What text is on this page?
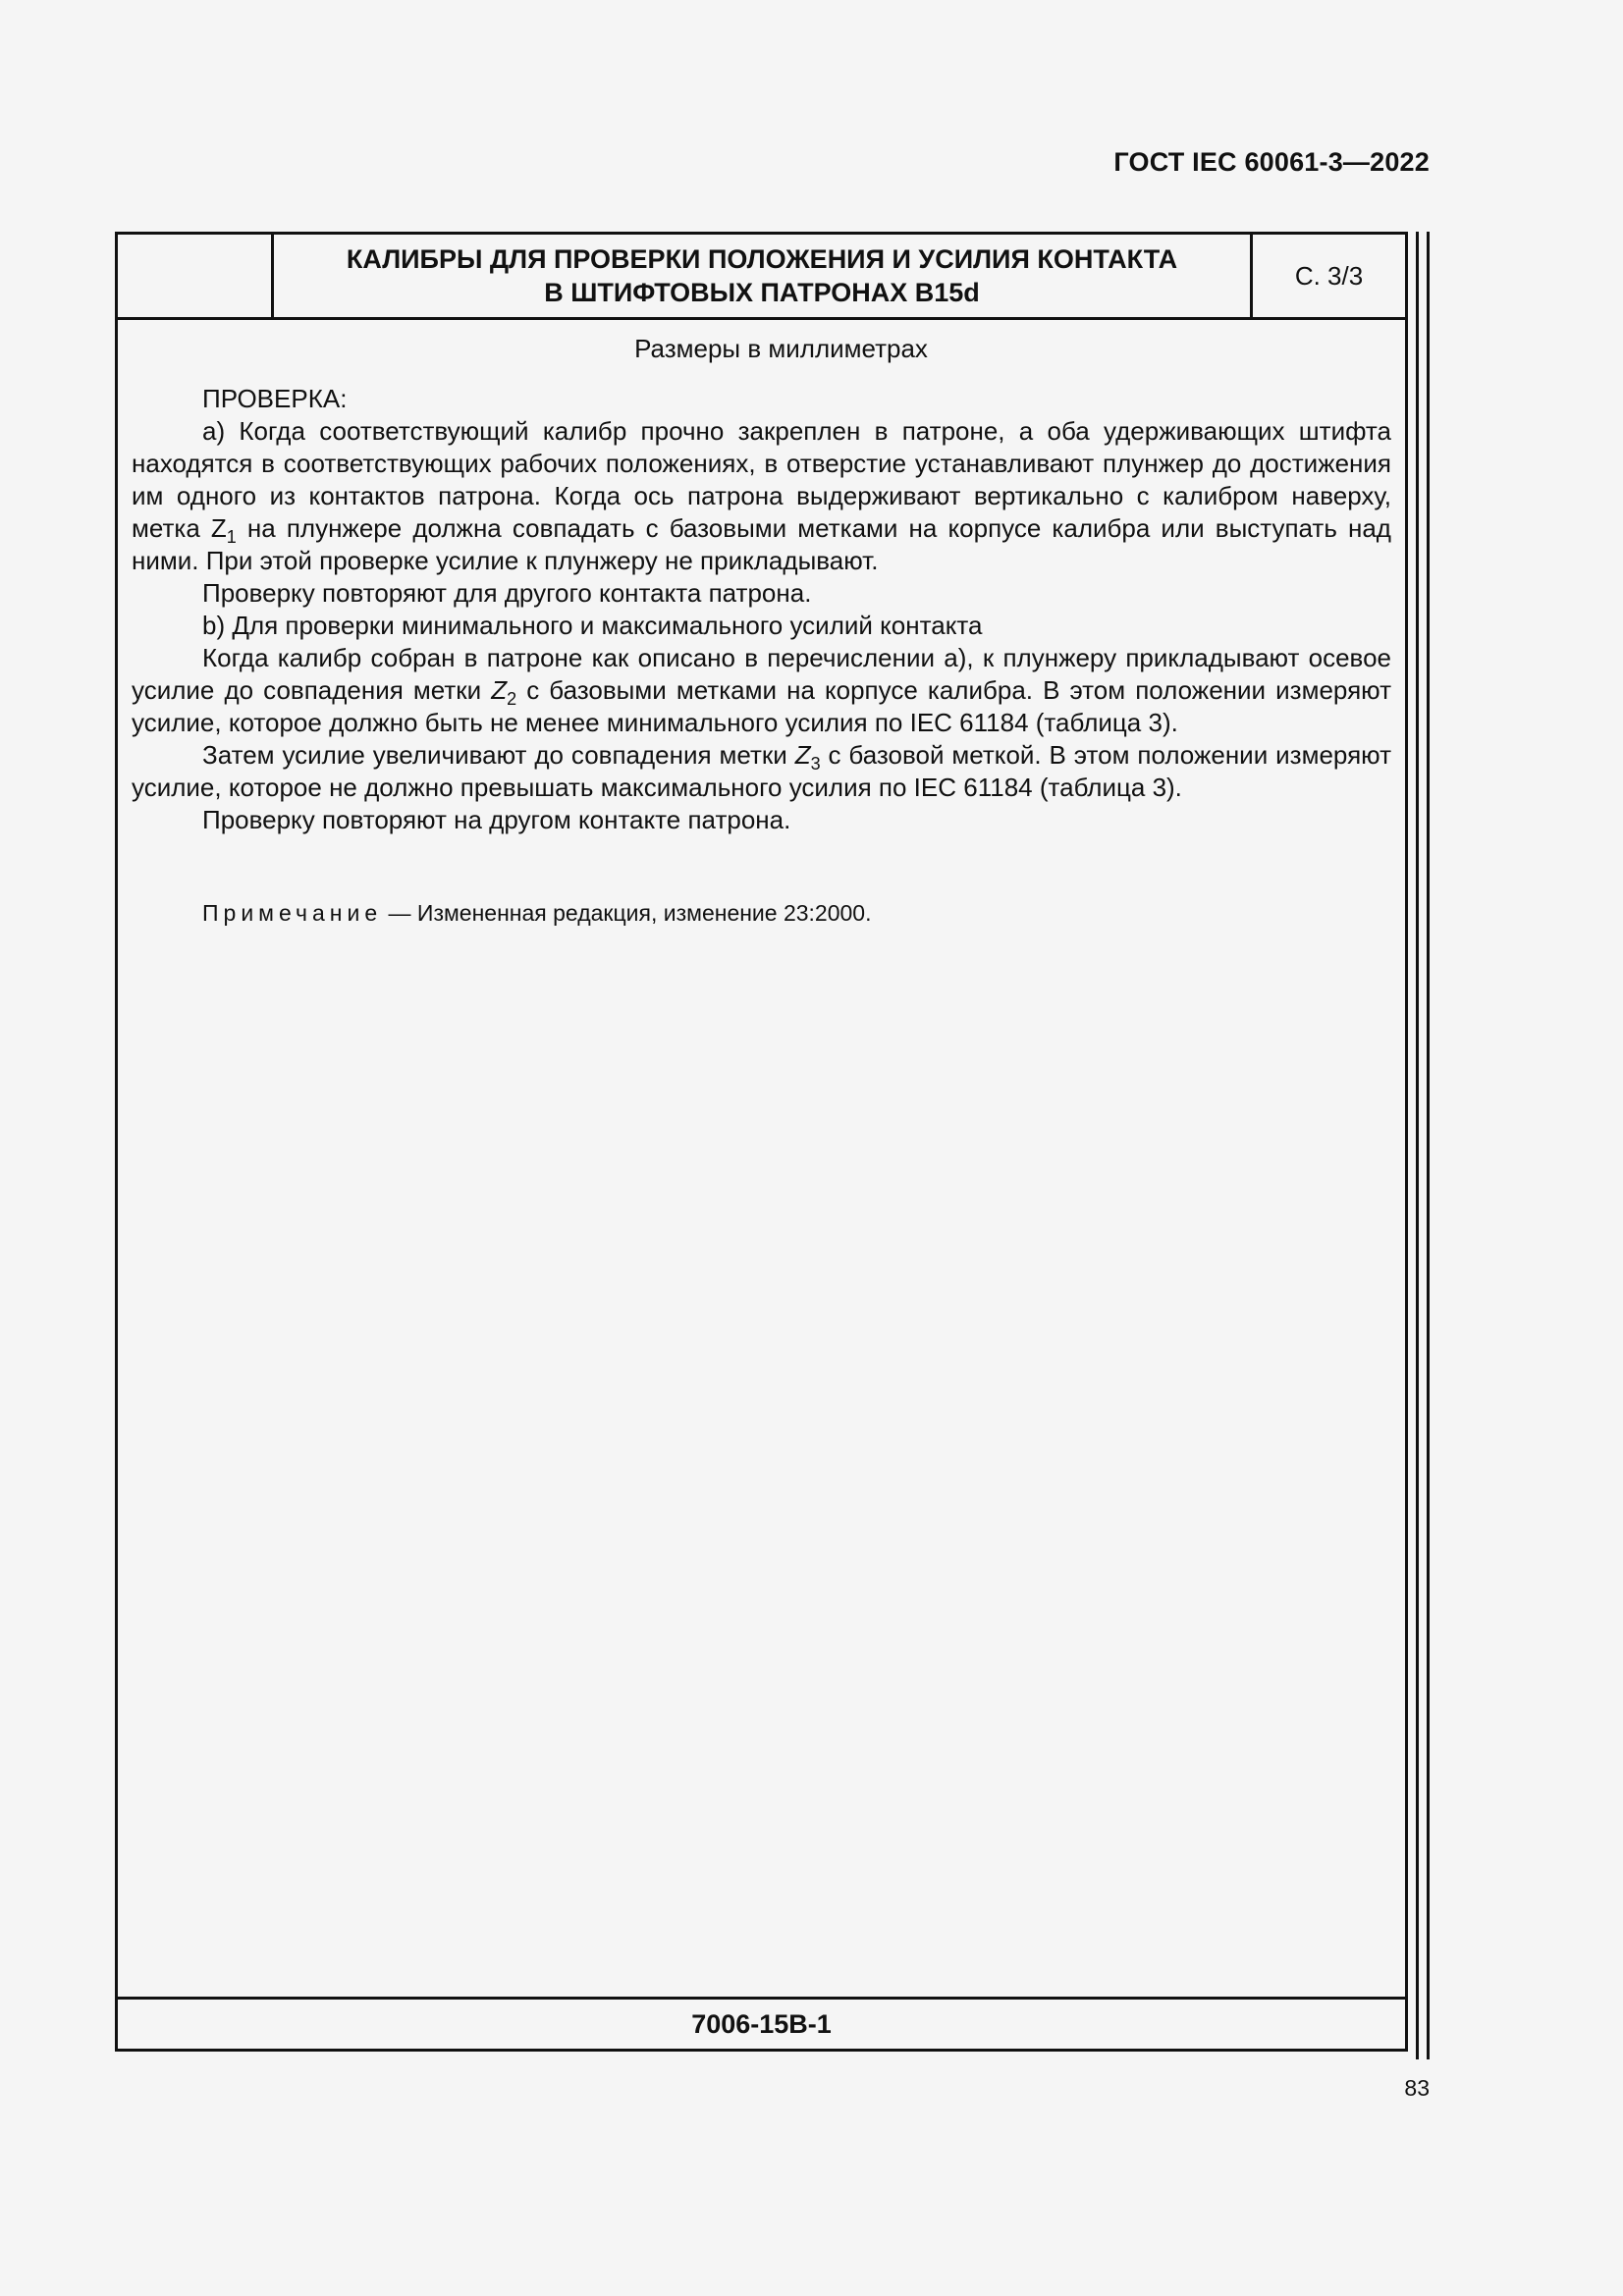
ГОСТ IEC 60061-3—2022
КАЛИБРЫ ДЛЯ ПРОВЕРКИ ПОЛОЖЕНИЯ И УСИЛИЯ КОНТАКТА
В ШТИФТОВЫХ ПАТРОНАХ B15d
С. 3/3
Размеры в миллиметрах

ПРОВЕРКА:

а) Когда соответствующий калибр прочно закреплен в патроне, а оба удерживающих штифта находятся в соответствующих рабочих положениях, в отверстие устанавливают плунжер до достижения им одного из контактов патрона. Когда ось патрона выдерживают вертикально с калибром наверху, метка $Z_1$ на плунжере должна совпадать с базовыми метками на корпусе калибра или выступать над ними. При этой проверке усилие к плунжеру не прикладывают.

Проверку повторяют для другого контакта патрона.

b) Для проверки минимального и максимального усилий контакта

Когда калибр собран в патроне как описано в перечислении а), к плунжеру прикладывают осевое усилие до совпадения метки $Z_2$ с базовыми метками на корпусе калибра. В этом положении измеряют усилие, которое должно быть не менее минимального усилия по IEC 61184 (таблица 3).

Затем усилие увеличивают до совпадения метки $Z_3$ с базовой меткой. В этом положении измеряют усилие, которое не должно превышать максимального усилия по IEC 61184 (таблица 3).

Проверку повторяют на другом контакте патрона.

Примечание — Измененная редакция, изменение 23:2000.
7006-15B-1
83
